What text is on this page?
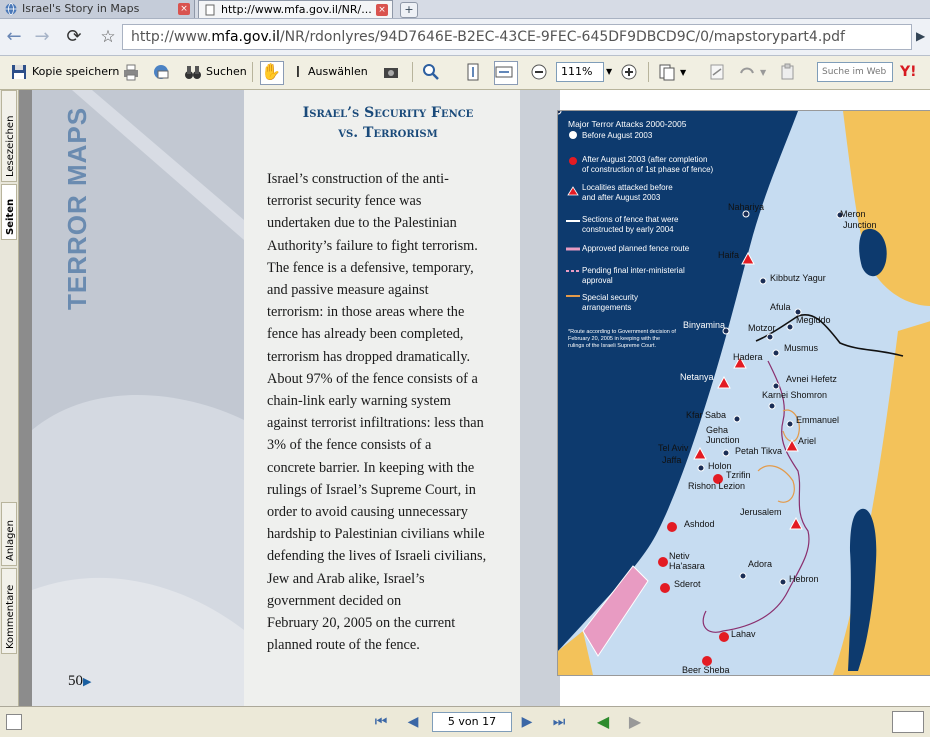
Israel's Story in Maps	×	http://www.mfa.gov.il/NR/... ×	+
← → ⟳ ☆	http://www.mfa.gov.il/NR/rdonlyres/94D7646E-B2EC-43CE-9FEC-645DF9DBCD9C/0/mapstorypart4.pdf	▶
Kopie speichern	Suchen ✋ I Auswählen	111%	▼	▼	▼	Suche im Web Y!
Lesezeichen
Seiten
Anlagen
Kommentare
Israel’s Security Fence
vs. Terrorism
Israel’s construction of the anti-
terrorist security fence was
undertaken due to the Palestinian
Authority’s failure to fight terrorism.
The fence is a defensive, temporary,
and passive measure against
terrorism: in those areas where the
fence has already been completed,
terrorism has dropped dramatically.
About 97% of the fence consists of a
chain-link early warning system
against terrorist infiltrations: less than
3% of the fence consists of a
concrete barrier. In keeping with the
rulings of Israel’s Supreme Court, in
order to avoid causing unnecessary
hardship to Palestinian civilians while
defending the lives of Israeli civilians,
Jew and Arab alike, Israel’s
government decided on
February 20, 2005 on the current
planned route of the fence.
50▶
Major Terror Attacks 2000-2005
Before August 2003
After August 2003 (after completion
of construction of 1st phase of fence)
Localities attacked before
and after August 2003
Sections of fence that were
constructed by early 2004
Approved planned fence route
Pending final inter-ministerial
approval
Special security
arrangements
*Route according to Government decision of
February 20, 2005 in keeping with the
rulings of the Israeli Supreme Court.
Nahariya
Meron
Junction
Haifa
Kibbutz Yagur
Afula
Megiddo
Binyamina	Motzor
Musmus
Hadera
Netanya	Avnei Hefetz
Karnei Shomron
Emmanuel
Kfar Saba
Geha
Junction	Ariel
Tel Aviv
Jaffa
Petah Tikva
Holon
Tzrifin
Rishon Lezion
Ashdod
Jerusalem
Netiv
Ha'asara
Sderot
Adora
Hebron
Lahav
Beer Sheba
⏮ ◀	5 von 17	▶ ⏭ ◀ ▶
